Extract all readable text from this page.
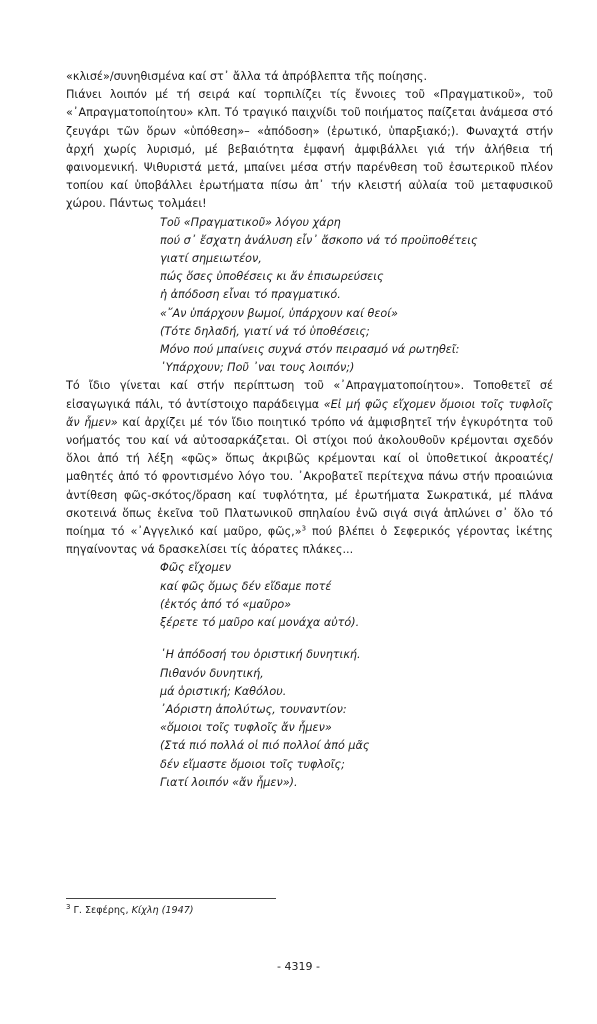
«κλισέ»/συνηθισμένα καί στ᾽ ἄλλα τά ἀπρόβλεπτα τῆς ποίησης.

Πιάνει λοιπόν μέ τή σειρά καί τορπιλίζει τίς ἔννοιες τοῦ «Πραγματικοῦ», τοῦ «᾽Απραγματοποίητου» κλπ. Τό τραγικό παιχνίδι τοῦ ποιήματος παίζεται ἀνάμεσα στό ζευγάρι τῶν ὅρων «ὑπόθεση»– «ἀπόδοση» (ἐρωτικό, ὑπαρξιακό;). Φωναχτά στήν ἀρχή χωρίς λυρισμό, μέ βεβαιότητα ἐμφανή ἀμφιβάλλει γιά τήν ἀλήθεια τή φαινομενική. Ψιθυριστά μετά, μπαίνει μέσα στήν παρένθεση τοῦ ἐσωτερικοῦ πλέον τοπίου καί ὑποβάλλει ἐρωτήματα πίσω ἀπ᾽ τήν κλειστή αὐλαία τοῦ μεταφυσικοῦ χώρου. Πάντως τολμάει!

Τοῦ «Πραγματικοῦ» λόγου χάρη
πού σ᾽ ἔσχατη ἀνάλυση εἶν᾽ ἄσκοπο νά τό προϋποθέτεις
γιατί σημειωτέον,
πώς ὅσες ὑποθέσεις κι ἄν ἐπισωρεύσεις
ἡ ἀπόδοση εἶναι τό πραγματικό.
«῎Αν ὑπάρχουν βωμοί, ὑπάρχουν καί θεοί»
(Τότε δηλαδή, γιατί νά τό ὑποθέσεις;
Μόνο πού μπαίνεις συχνά στόν πειρασμό νά ρωτηθεῖ:
῾Υπάρχουν; Ποῦ ᾽ναι τους λοιπόν;)

Τό ἴδιο γίνεται καί στήν περίπτωση τοῦ «᾽Απραγματοποίητου». Τοποθετεῖ σέ εἰσαγωγικά πάλι, τό ἀντίστοιχο παράδειγμα «Εἰ μή φῶς εἴχομεν ὅμοιοι τοῖς τυφλοῖς ἄν ἦμεν» καί ἀρχίζει μέ τόν ἴδιο ποιητικό τρόπο νά ἀμφισβητεῖ τήν ἐγκυρότητα τοῦ νοήματός του καί νά αὐτοσαρκάζεται. Οἱ στίχοι πού ἀκολουθοῦν κρέμονται σχεδόν ὅλοι ἀπό τή λέξη «φῶς» ὅπως ἀκριβῶς κρέμονται καί οἱ ὑποθετικοί ἀκροατές/μαθητές ἀπό τό φροντισμένο λόγο του. ᾽Ακροβατεῖ περίτεχνα πάνω στήν προαιώνια ἀντίθεση φῶς-σκότος/ὅραση καί τυφλότητα, μέ ἐρωτήματα Σωκρατικά, μέ πλάνα σκοτεινά ὅπως ἐκεῖνα τοῦ Πλατωνικοῦ σπηλαίου ἐνῶ σιγά σιγά ἁπλώνει σ᾽ ὅλο τό ποίημα τό «᾽Αγγελικό καί μαῦρο, φῶς,»$^3$ πού βλέπει ὁ Σεφερικός γέροντας ἱκέτης πηγαίνοντας νά δρασκελίσει τίς ἀόρατες πλάκες...

Φῶς εἴχομεν
καί φῶς ὅμως δέν εἴδαμε ποτέ
(ἐκτός ἀπό τό «μαῦρο»
ξέρετε τό μαῦρο καί μονάχα αὐτό).
῾Η ἀπόδοσή του ὁριστική δυνητική.
Πιθανόν δυνητική,
μά ὁριστική; Καθόλου.
᾽Αόριστη ἀπολύτως, τουναντίον:
«ὅμοιοι τοῖς τυφλοῖς ἄν ἦμεν»
(Στά πιό πολλά οἱ πιό πολλοί ἀπό μᾶς
δέν εἴμαστε ὅμοιοι τοῖς τυφλοῖς;
Γιατί λοιπόν «ἄν ἦμεν»).
$^3$ Γ. Σεφέρης, Κίχλη (1947)
- 4319 -
